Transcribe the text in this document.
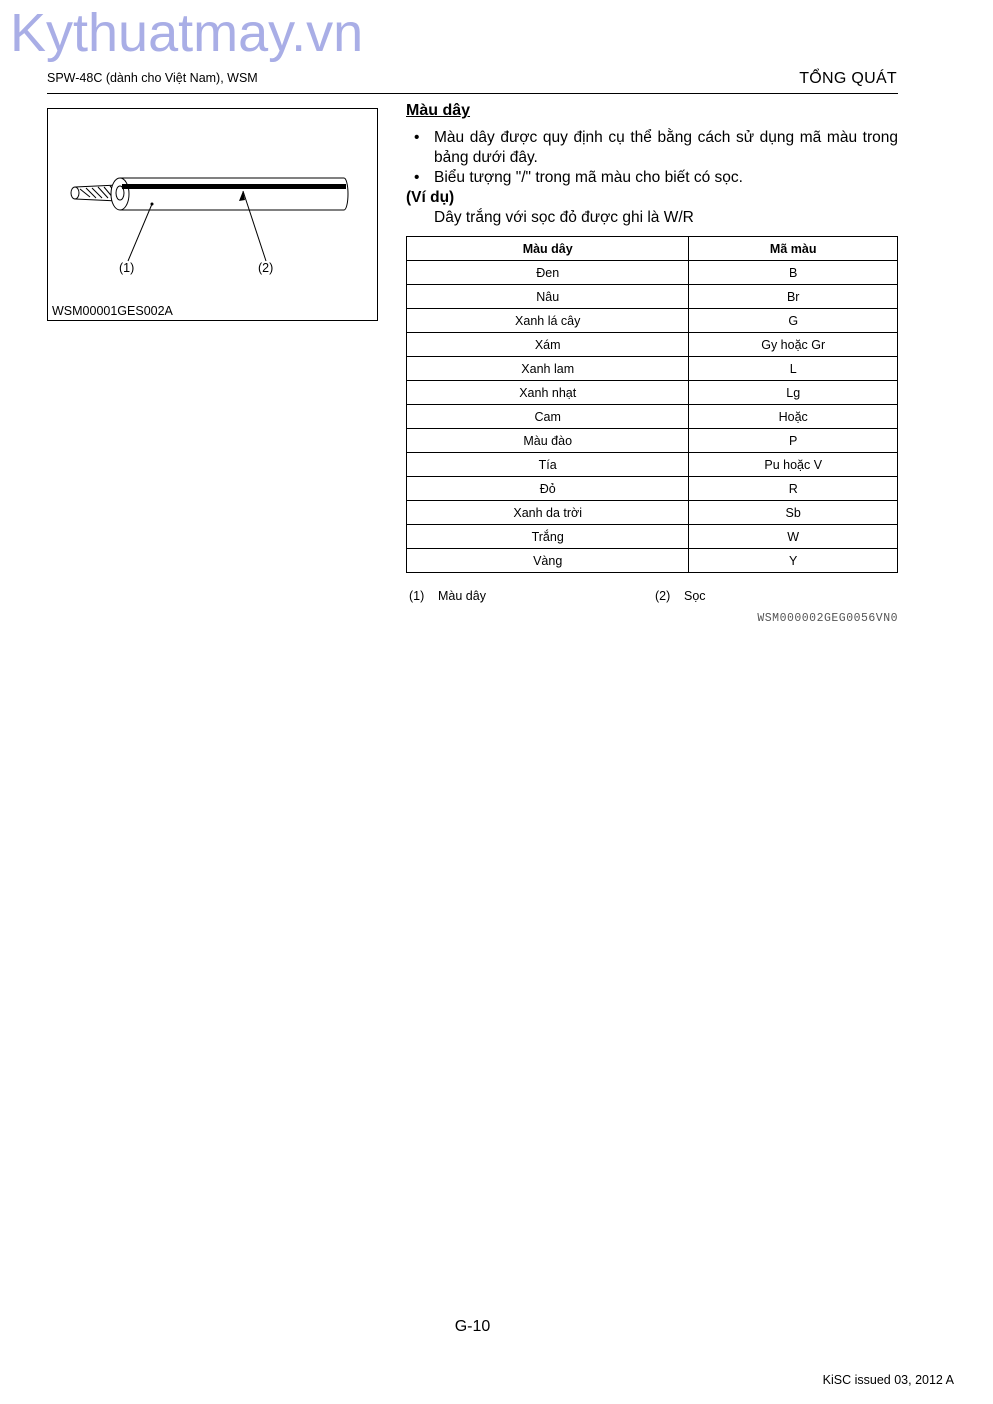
Kythuatmay.vn
SPW-48C (dành cho Việt Nam), WSM	TỔNG QUÁT
(1)	(2)
WSM00001GES002A
Màu dây
• Màu dây được quy định cụ thể bằng cách sử dụng mã màu trong bảng dưới đây.
• Biểu tượng "/" trong mã màu cho biết có sọc.
(Ví dụ)
Dây trắng với sọc đỏ được ghi là W/R
Màu dây	Mã màu
Đen	B
Nâu	Br
Xanh lá cây	G
Xám	Gy hoặc Gr
Xanh lam	L
Xanh nhạt	Lg
Cam	Hoặc
Màu đào	P
Tía	Pu hoặc V
Đỏ	R
Xanh da trời	Sb
Trắng	W
Vàng	Y
(1) Màu dây	(2) Sọc
WSM000002GEG0056VN0
G-10
KiSC issued 03, 2012 A
